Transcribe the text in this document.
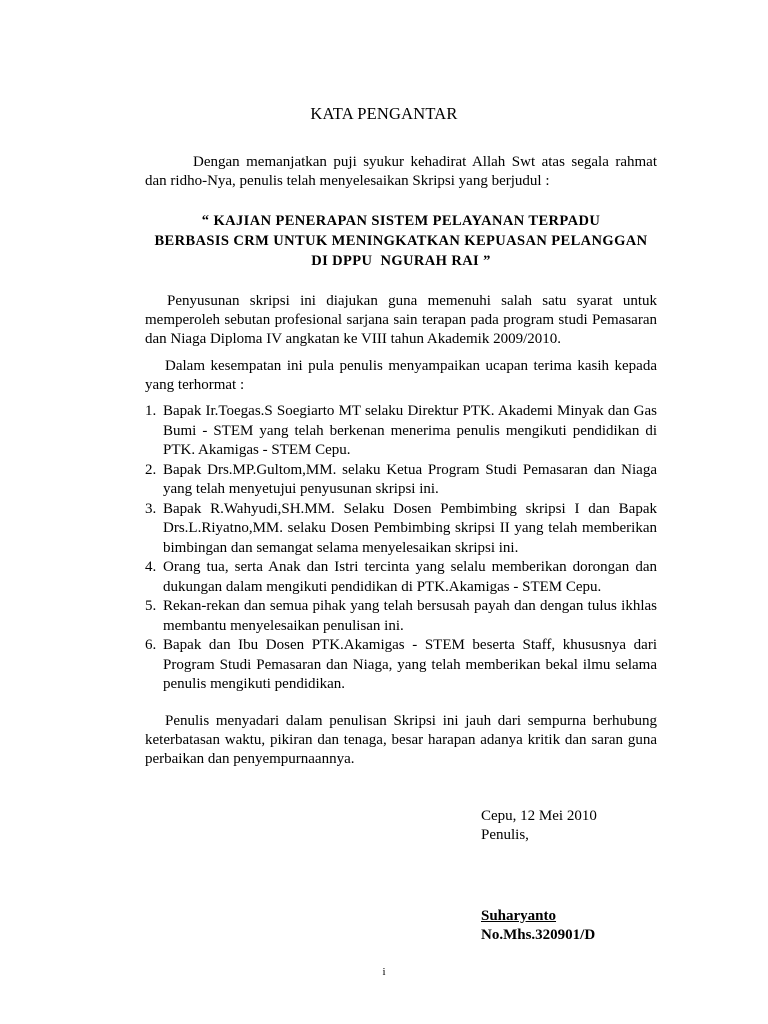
KATA PENGANTAR
Dengan memanjatkan puji syukur kehadirat Allah Swt atas segala rahmat dan ridho-Nya, penulis telah menyelesaikan Skripsi yang berjudul :
“ KAJIAN PENERAPAN SISTEM PELAYANAN TERPADU
BERBASIS CRM UNTUK MENINGKATKAN KEPUASAN PELANGGAN
DI DPPU  NGURAH RAI ”
Penyusunan skripsi ini diajukan guna memenuhi salah satu syarat untuk memperoleh sebutan profesional sarjana sain terapan pada program studi Pemasaran dan Niaga Diploma IV angkatan ke VIII tahun Akademik 2009/2010.
Dalam kesempatan ini pula penulis menyampaikan ucapan terima kasih kepada yang terhormat :
1. Bapak Ir.Toegas.S Soegiarto MT selaku Direktur PTK. Akademi Minyak dan Gas Bumi - STEM yang telah berkenan menerima penulis mengikuti pendidikan di PTK. Akamigas - STEM Cepu.
2. Bapak Drs.MP.Gultom,MM. selaku Ketua Program Studi Pemasaran dan Niaga yang telah menyetujui penyusunan skripsi ini.
3. Bapak R.Wahyudi,SH.MM. Selaku Dosen Pembimbing skripsi I dan Bapak Drs.L.Riyatno,MM. selaku Dosen Pembimbing skripsi II yang telah memberikan bimbingan dan semangat selama menyelesaikan skripsi ini.
4. Orang tua, serta Anak dan Istri tercinta yang selalu memberikan dorongan dan dukungan dalam mengikuti pendidikan di PTK.Akamigas - STEM Cepu.
5. Rekan-rekan dan semua pihak yang telah bersusah payah dan dengan tulus ikhlas membantu menyelesaikan penulisan ini.
6. Bapak dan Ibu Dosen PTK.Akamigas - STEM beserta Staff, khususnya dari Program Studi Pemasaran dan Niaga, yang telah memberikan bekal ilmu selama penulis mengikuti pendidikan.
Penulis menyadari dalam penulisan Skripsi ini jauh dari sempurna berhubung keterbatasan waktu, pikiran dan tenaga, besar harapan adanya kritik dan saran guna perbaikan dan penyempurnaannya.
Cepu, 12 Mei 2010
Penulis,
Suharyanto
No.Mhs.320901/D
i
